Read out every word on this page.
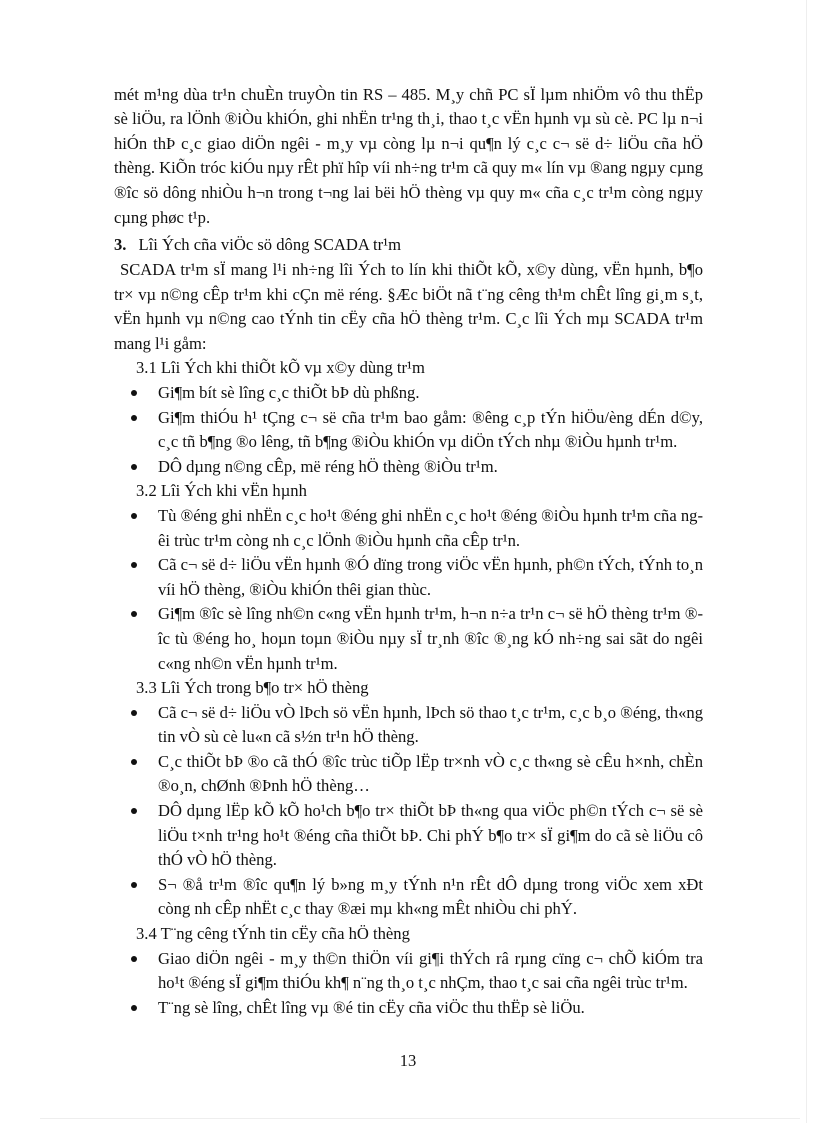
mét m¹ng dùa tr¹n chuÈn truyÒn tin RS – 485. M¸y chñ PC sÏ lµm nhiÖm vô thu thËp sè liÖu, ra lÖnh ®iÒu khiÓn, ghi nhËn tr¹ng th¸i, thao t¸c vËn hµnh vµ sù cè. PC lµ n¬i hiÓn thÞ c¸c giao diÖn ngêi - m¸y vµ còng lµ n¬i qu¶n lý c¸c c¬ së d÷ liÖu cña hÖ thèng. KiÕn tróc kiÓu nµy rÊt phï hîp víi nh÷ng tr¹m cã quy m« lín vµ ®ang ngµy cµng ®îc sö dông nhiÒu h¬n trong t¬ng lai bëi hÖ thèng vµ quy m« cña c¸c tr¹m còng ngµy cµng phøc t¹p.

3. Lîi Ých cña viÖc sö dông SCADA tr¹m

SCADA tr¹m sÏ mang l¹i nh÷ng lîi Ých to lín khi thiÕt kÕ, x©y dùng, vËn hµnh, b¶o tr× vµ n©ng cÊp tr¹m khi cÇn më réng. §Æc biÖt nã t¨ng cêng th¹m chÊt lîng gi¸m s¸t, vËn hµnh vµ n©ng cao tÝnh tin cËy cña hÖ thèng tr¹m. C¸c lîi Ých mµ SCADA tr¹m mang l¹i gåm:

3.1 Lîi Ých khi thiÕt kÕ vµ x©y dùng tr¹m

Gi¶m bít sè lîng c¸c thiÕt bÞ dù phßng.
Gi¶m thiÓu h¹ tÇng c¬ së cña tr¹m bao gåm: ®êng c¸p tÝn hiÖu/èng dÉn d©y, c¸c tñ b¶ng ®o lêng, tñ b¶ng ®iÒu khiÓn vµ diÖn tÝch nhµ ®iÒu hµnh tr¹m.
DÔ dµng n©ng cÊp, më réng hÖ thèng ®iÒu tr¹m.

3.2 Lîi Ých khi vËn hµnh

Tù ®éng ghi nhËn c¸c ho¹t ®éng ghi nhËn c¸c ho¹t ®éng ®iÒu hµnh tr¹m cña ngêi trùc tr¹m còng nh c¸c lÖnh ®iÒu hµnh cña cÊp tr¹n.
Cã c¬ së d÷ liÖu vËn hµnh ®Ó dïng trong viÖc vËn hµnh, ph©n tÝch, tÝnh to¸n víi hÖ thèng, ®iÒu khiÓn thêi gian thùc.
Gi¶m ®îc sè lîng nh©n c«ng vËn hµnh tr¹m, h¬n n÷a tr¹n c¬ së hÖ thèng tr¹m ®îc tù ®éng ho¸ hoµn toµn ®iÒu nµy sÏ tr¸nh ®îc ®¸ng kÓ nh÷ng sai sãt do ngêi c«ng nh©n vËn hµnh tr¹m.

3.3 Lîi Ých trong b¶o tr× hÖ thèng

Cã c¬ së d÷ liÖu vÒ lÞch sö vËn hµnh, lÞch sö thao t¸c tr¹m, c¸c b¸o ®éng, th«ng tin vÒ sù cè lu«n cã s½n tr¹n hÖ thèng.
C¸c thiÕt bÞ ®o cã thÓ ®îc trùc tiÕp lËp tr×nh vÒ c¸c th«ng sè cÊu h×nh, chÈn ®o¸n, chØnh ®Þnh hÖ thèng…
DÔ dµng lËp kÕ kÕ ho¹ch b¶o tr× thiÕt bÞ th«ng qua viÖc ph©n tÝch c¬ së sè liÖu t×nh tr¹ng ho¹t ®éng cña thiÕt bÞ. Chi phÝ b¶o tr× sÏ gi¶m do cã sè liÖu cô thÓ vÒ hÖ thèng.
S¬ ®å tr¹m ®îc qu¶n lý b»ng m¸y tÝnh n¹n rÊt dÔ dµng trong viÖc xem xÐt còng nh cÊp nhËt c¸c thay ®æi mµ kh«ng mÊt nhiÒu chi phÝ.

3.4 T¨ng cêng tÝnh tin cËy cña hÖ thèng

Giao diÖn ngêi - m¸y th©n thiÖn víi gi¶i thÝch râ rµng cïng c¬ chÕ kiÓm tra ho¹t ®éng sÏ gi¶m thiÓu kh¶ n¨ng th¸o t¸c nhÇm, thao t¸c sai cña ngêi trùc tr¹m.
T¨ng sè lîng, chÊt lîng vµ ®é tin cËy cña viÖc thu thËp sè liÖu.
13
